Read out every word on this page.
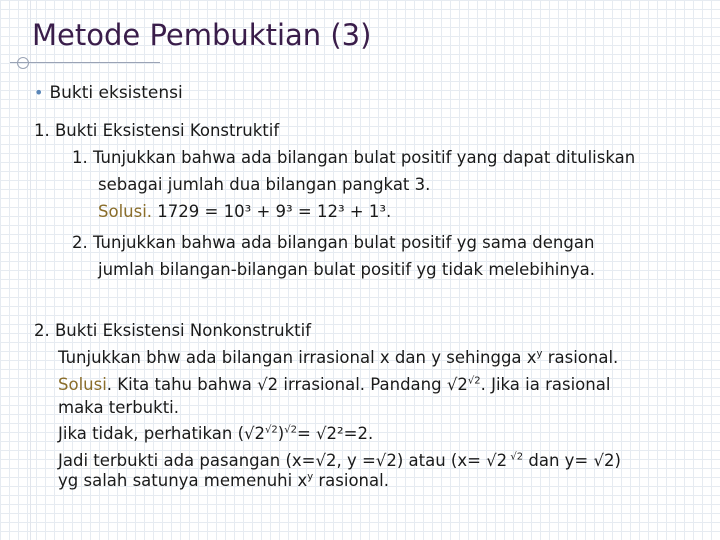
Metode Pembuktian (3)
• Bukti eksistensi
1. Bukti Eksistensi Konstruktif
1. Tunjukkan bahwa ada bilangan bulat positif yang dapat dituliskan
sebagai jumlah dua bilangan pangkat 3.
Solusi. 1729 = 10³ + 9³ = 12³ + 1³.
2. Tunjukkan bahwa ada bilangan bulat positif yg sama dengan
jumlah bilangan-bilangan bulat positif yg tidak melebihinya.
2. Bukti Eksistensi Nonkonstruktif
Tunjukkan bhw ada bilangan irrasional x dan y sehingga $x^y$ rasional.
Solusi. Kita tahu bahwa √2 irrasional. Pandang $√2^{√2}$. Jika ia rasional
maka terbukti.
Jika tidak, perhatikan $(√2^{√2})^{√2}= √2^2=2$.
Jadi terbukti ada pasangan (x=√2, y =√2) atau (x= √2 $^{√2}$ dan y= √2)
yg salah satunya memenuhi $x^y$ rasional.
